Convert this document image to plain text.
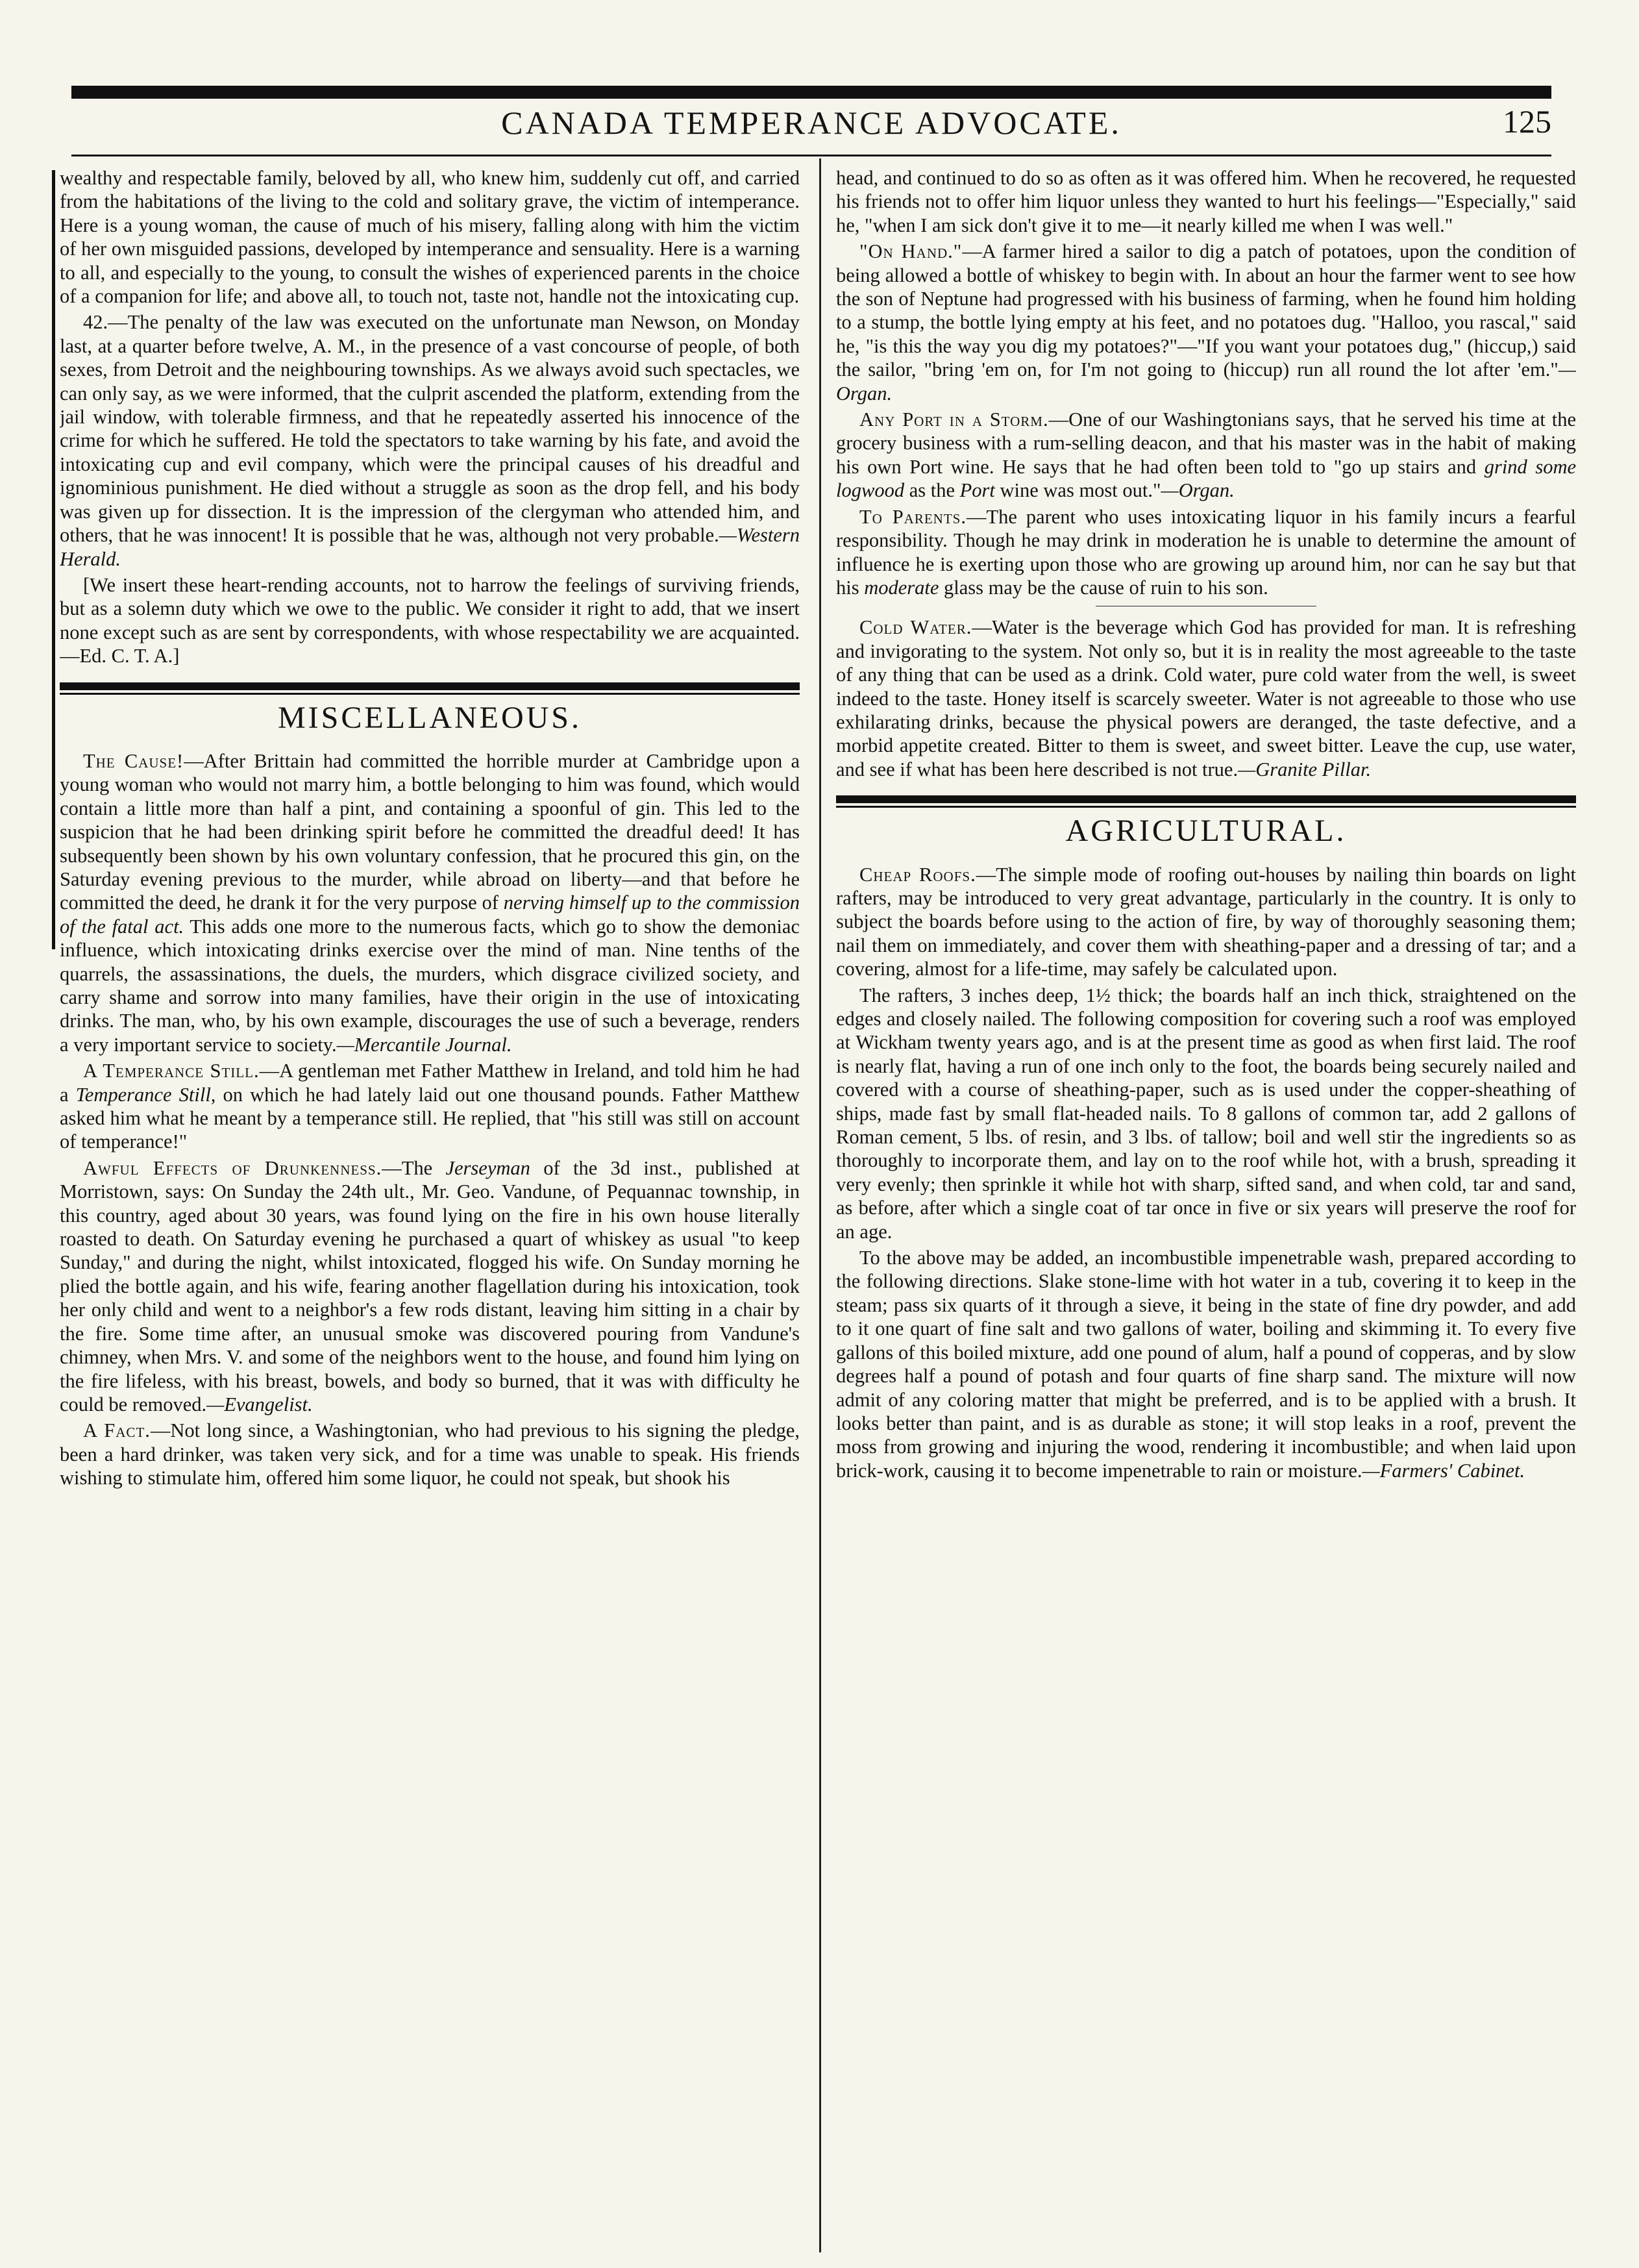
CANADA TEMPERANCE ADVOCATE.	125

wealthy and respectable family, beloved by all, who knew him, suddenly cut off, and carried from the habitations of the living to the cold and solitary grave, the victim of intemperance. Here is a young woman, the cause of much of his misery, falling along with him the victim of her own misguided passions, developed by intemperance and sensuality. Here is a warning to all, and especially to the young, to consult the wishes of experienced parents in the choice of a companion for life; and above all, to touch not, taste not, handle not the intoxicating cup.

42.—The penalty of the law was executed on the unfortunate man Newson, on Monday last, at a quarter before twelve, A. M., in the presence of a vast concourse of people, of both sexes, from Detroit and the neighbouring townships. As we always avoid such spectacles, we can only say, as we were informed, that the culprit ascended the platform, extending from the jail window, with tolerable firmness, and that he repeatedly asserted his innocence of the crime for which he suffered. He told the spectators to take warning by his fate, and avoid the intoxicating cup and evil company, which were the principal causes of his dreadful and ignominious punishment. He died without a struggle as soon as the drop fell, and his body was given up for dissection. It is the impression of the clergyman who attended him, and others, that he was innocent! It is possible that he was, although not very probable.—Western Herald.

[We insert these heart-rending accounts, not to harrow the feelings of surviving friends, but as a solemn duty which we owe to the public. We consider it right to add, that we insert none except such as are sent by correspondents, with whose respectability we are acquainted.—Ed. C. T. A.]

MISCELLANEOUS.

The Cause!—After Brittain had committed the horrible murder at Cambridge upon a young woman who would not marry him, a bottle belonging to him was found, which would contain a little more than half a pint, and containing a spoonful of gin. This led to the suspicion that he had been drinking spirit before he committed the dreadful deed! It has subsequently been shown by his own voluntary confession, that he procured this gin, on the Saturday evening previous to the murder, while abroad on liberty—and that before he committed the deed, he drank it for the very purpose of nerving himself up to the commission of the fatal act. This adds one more to the numerous facts, which go to show the demoniac influence, which intoxicating drinks exercise over the mind of man. Nine tenths of the quarrels, the assassinations, the duels, the murders, which disgrace civilized society, and carry shame and sorrow into many families, have their origin in the use of intoxicating drinks. The man, who, by his own example, discourages the use of such a beverage, renders a very important service to society.—Mercantile Journal.

A Temperance Still.—A gentleman met Father Matthew in Ireland, and told him he had a Temperance Still, on which he had lately laid out one thousand pounds. Father Matthew asked him what he meant by a temperance still. He replied, that "his still was still on account of temperance!"

Awful Effects of Drunkenness.—The Jerseyman of the 3d inst., published at Morristown, says: On Sunday the 24th ult., Mr. Geo. Vandune, of Pequannac township, in this country, aged about 30 years, was found lying on the fire in his own house literally roasted to death. On Saturday evening he purchased a quart of whiskey as usual "to keep Sunday," and during the night, whilst intoxicated, flogged his wife. On Sunday morning he plied the bottle again, and his wife, fearing another flagellation during his intoxication, took her only child and went to a neighbor's a few rods distant, leaving him sitting in a chair by the fire. Some time after, an unusual smoke was discovered pouring from Vandune's chimney, when Mrs. V. and some of the neighbors went to the house, and found him lying on the fire lifeless, with his breast, bowels, and body so burned, that it was with difficulty he could be removed.—Evangelist.

A Fact.—Not long since, a Washingtonian, who had previous to his signing the pledge, been a hard drinker, was taken very sick, and for a time was unable to speak. His friends wishing to stimulate him, offered him some liquor, he could not speak, but shook his

head, and continued to do so as often as it was offered him. When he recovered, he requested his friends not to offer him liquor unless they wanted to hurt his feelings—"Especially," said he, "when I am sick don't give it to me—it nearly killed me when I was well."

"On Hand."—A farmer hired a sailor to dig a patch of potatoes, upon the condition of being allowed a bottle of whiskey to begin with. In about an hour the farmer went to see how the son of Neptune had progressed with his business of farming, when he found him holding to a stump, the bottle lying empty at his feet, and no potatoes dug. "Halloo, you rascal," said he, "is this the way you dig my potatoes?"—"If you want your potatoes dug," (hiccup,) said the sailor, "bring 'em on, for I'm not going to (hiccup) run all round the lot after 'em."—Organ.

Any Port in a Storm.—One of our Washingtonians says, that he served his time at the grocery business with a rum-selling deacon, and that his master was in the habit of making his own Port wine. He says that he had often been told to "go up stairs and grind some logwood as the Port wine was most out."—Organ.

To Parents.—The parent who uses intoxicating liquor in his family incurs a fearful responsibility. Though he may drink in moderation he is unable to determine the amount of influence he is exerting upon those who are growing up around him, nor can he say but that his moderate glass may be the cause of ruin to his son.

Cold Water.—Water is the beverage which God has provided for man. It is refreshing and invigorating to the system. Not only so, but it is in reality the most agreeable to the taste of any thing that can be used as a drink. Cold water, pure cold water from the well, is sweet indeed to the taste. Honey itself is scarcely sweeter. Water is not agreeable to those who use exhilarating drinks, because the physical powers are deranged, the taste defective, and a morbid appetite created. Bitter to them is sweet, and sweet bitter. Leave the cup, use water, and see if what has been here described is not true.—Granite Pillar.

AGRICULTURAL.

Cheap Roofs.—The simple mode of roofing out-houses by nailing thin boards on light rafters, may be introduced to very great advantage, particularly in the country. It is only to subject the boards before using to the action of fire, by way of thoroughly seasoning them; nail them on immediately, and cover them with sheathing-paper and a dressing of tar; and a covering, almost for a life-time, may safely be calculated upon.

The rafters, 3 inches deep, 1½ thick; the boards half an inch thick, straightened on the edges and closely nailed. The following composition for covering such a roof was employed at Wickham twenty years ago, and is at the present time as good as when first laid. The roof is nearly flat, having a run of one inch only to the foot, the boards being securely nailed and covered with a course of sheathing-paper, such as is used under the copper-sheathing of ships, made fast by small flat-headed nails. To 8 gallons of common tar, add 2 gallons of Roman cement, 5 lbs. of resin, and 3 lbs. of tallow; boil and well stir the ingredients so as thoroughly to incorporate them, and lay on to the roof while hot, with a brush, spreading it very evenly; then sprinkle it while hot with sharp, sifted sand, and when cold, tar and sand, as before, after which a single coat of tar once in five or six years will preserve the roof for an age.

To the above may be added, an incombustible impenetrable wash, prepared according to the following directions. Slake stone-lime with hot water in a tub, covering it to keep in the steam; pass six quarts of it through a sieve, it being in the state of fine dry powder, and add to it one quart of fine salt and two gallons of water, boiling and skimming it. To every five gallons of this boiled mixture, add one pound of alum, half a pound of copperas, and by slow degrees half a pound of potash and four quarts of fine sharp sand. The mixture will now admit of any coloring matter that might be preferred, and is to be applied with a brush. It looks better than paint, and is as durable as stone; it will stop leaks in a roof, prevent the moss from growing and injuring the wood, rendering it incombustible; and when laid upon brick-work, causing it to become impenetrable to rain or moisture.—Farmers' Cabinet.
